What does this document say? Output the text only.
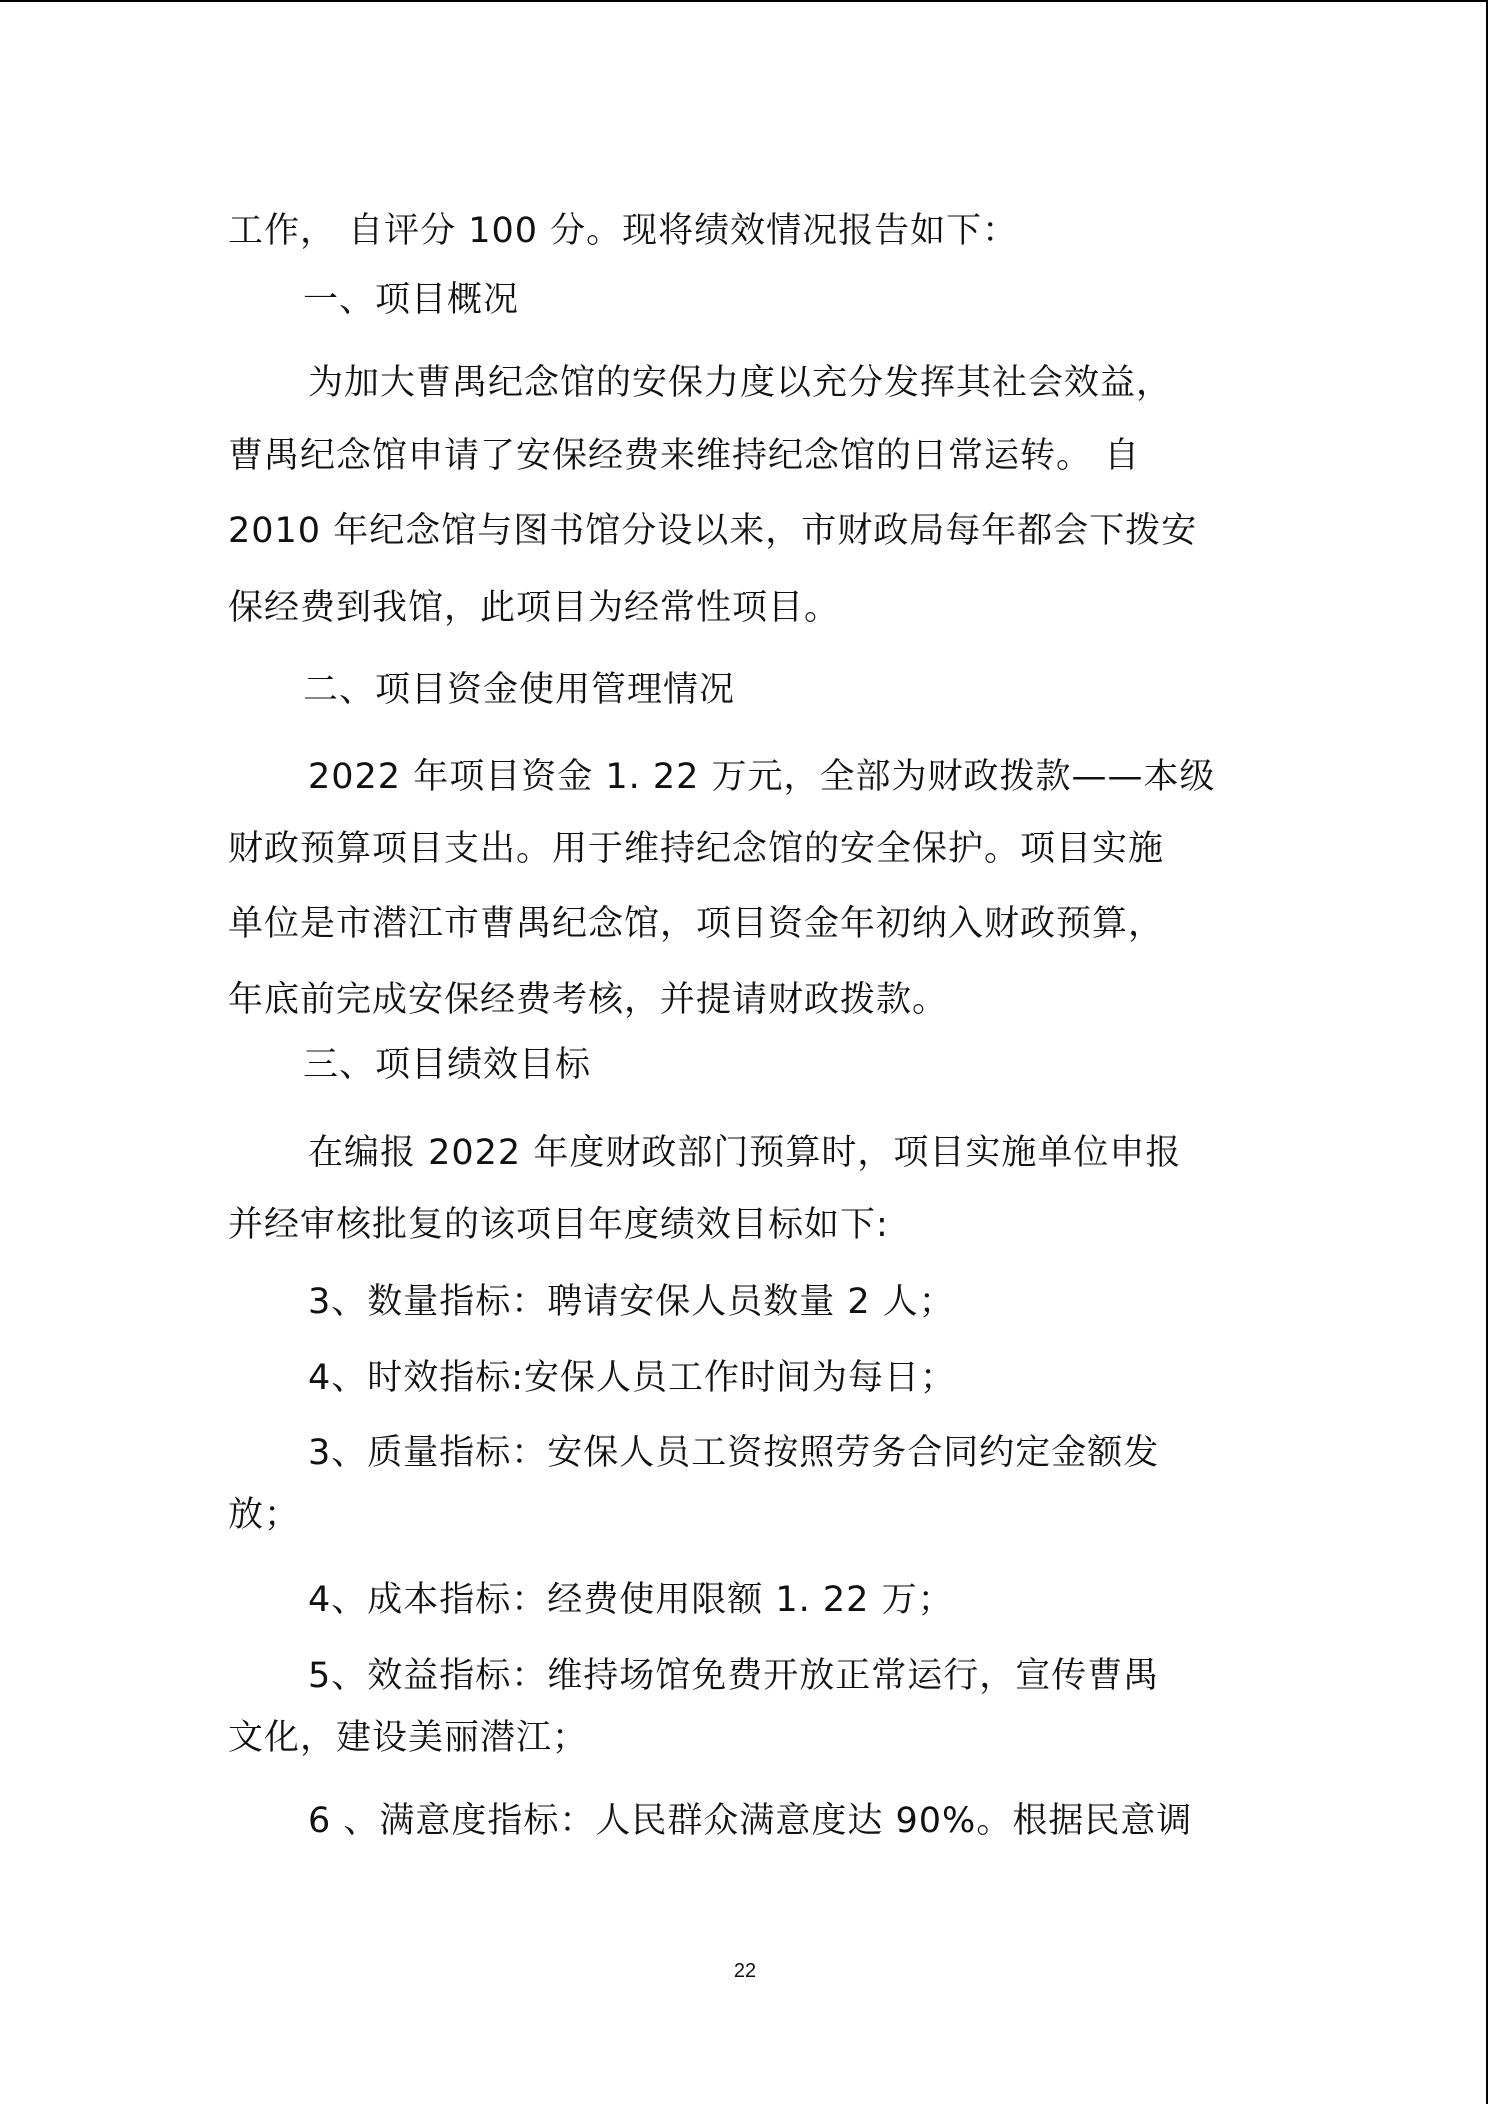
工作， 自评分 100 分。现将绩效情况报告如下：

一、项目概况

为加大曹禺纪念馆的安保力度以充分发挥其社会效益，

曹禺纪念馆申请了安保经费来维持纪念馆的日常运转。 自

2010 年纪念馆与图书馆分设以来，市财政局每年都会下拨安

保经费到我馆，此项目为经常性项目。

二、项目资金使用管理情况

2022 年项目资金 1. 22 万元，全部为财政拨款——本级

财政预算项目支出。用于维持纪念馆的安全保护。项目实施

单位是市潜江市曹禺纪念馆，项目资金年初纳入财政预算，

年底前完成安保经费考核，并提请财政拨款。

三、项目绩效目标

在编报 2022 年度财政部门预算时，项目实施单位申报

并经审核批复的该项目年度绩效目标如下:

3、数量指标：聘请安保人员数量 2 人；

4、时效指标:安保人员工作时间为每日；

3、质量指标：安保人员工资按照劳务合同约定金额发

放；

4、成本指标：经费使用限额 1. 22 万；

5、效益指标：维持场馆免费开放正常运行，宣传曹禺

文化，建设美丽潜江；

6 、满意度指标：人民群众满意度达 90%。根据民意调

22
